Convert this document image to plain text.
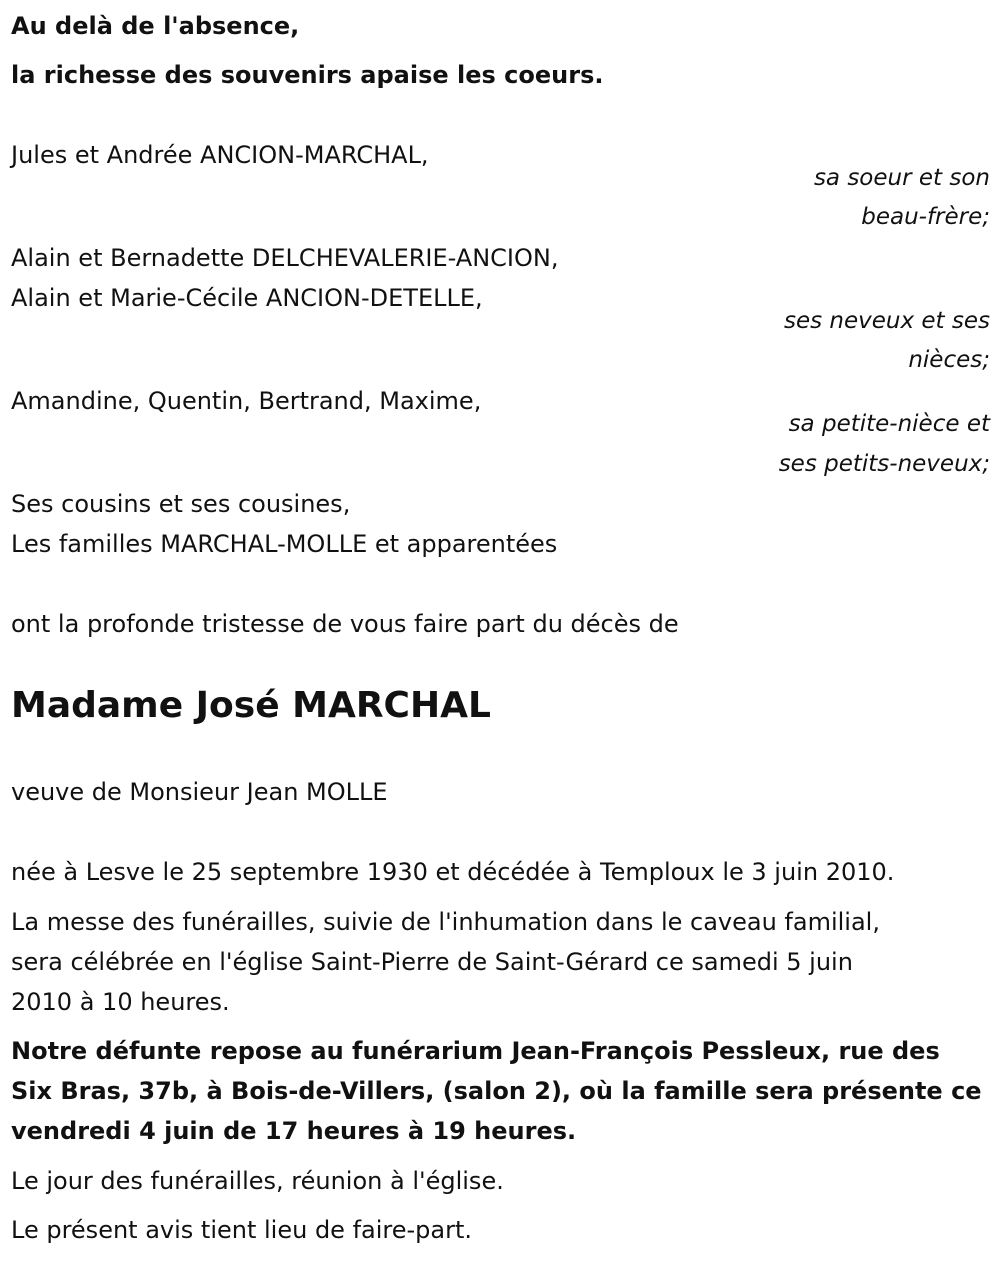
Au delà de l'absence,
la richesse des souvenirs apaise les coeurs.
Jules et Andrée ANCION-MARCHAL,
sa soeur et son
beau-frère;
Alain et Bernadette DELCHEVALERIE-ANCION,
Alain et Marie-Cécile ANCION-DETELLE,
ses neveux et ses
nièces;
Amandine, Quentin, Bertrand, Maxime,
sa petite-nièce et
ses petits-neveux;
Ses cousins et ses cousines,
Les familles MARCHAL-MOLLE et apparentées
ont la profonde tristesse de vous faire part du décès de
Madame José MARCHAL
veuve de Monsieur Jean MOLLE
née à Lesve le 25 septembre 1930 et décédée à Temploux le 3 juin 2010.
La messe des funérailles, suivie de l'inhumation dans le caveau familial,
sera célébrée en l'église Saint-Pierre de Saint-Gérard ce samedi 5 juin
2010 à 10 heures.
Notre défunte repose au funérarium Jean-François Pessleux, rue des
Six Bras, 37b, à Bois-de-Villers, (salon 2), où la famille sera présente ce
vendredi 4 juin de 17 heures à 19 heures.
Le jour des funérailles, réunion à l'église.
Le présent avis tient lieu de faire-part.
